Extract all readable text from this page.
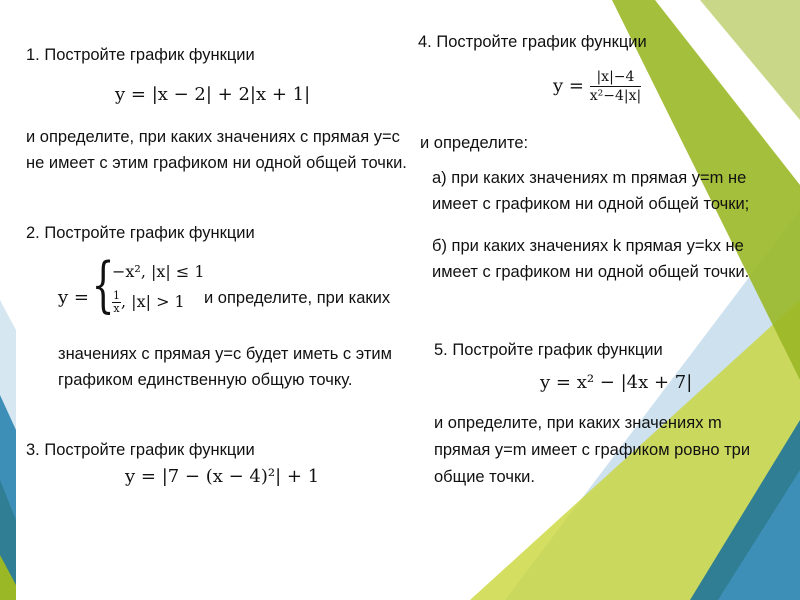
1. Постройте график функции
y = |x − 2| + 2|x + 1|
и определите, при каких значениях с прямая у=с
не имеет с этим графиком ни одной общей точки.
2. Постройте график функции
y = {
−x², |x| ≤ 1
$\frac{1}{x}$ , |x| > 1 и определите, при каких
значениях с прямая у=с будет иметь с этим
графиком единственную общую точку.
3. Постройте график функции
y = |7 − (x − 4)²| + 1
4. Постройте график функции
$y = \frac{|x|-4}{\text{x²−4|x|}}$
и определите:
а) при каких значениях m прямая у=m не
имеет с графиком ни одной общей точки;
б) при каких значениях k прямая у=kx не
имеет с графиком ни одной общей точки.
5. Постройте график функции
y = x² − |4x + 7|
и определите, при каких значениях m
прямая у=m имеет с графиком ровно три
общие точки.
